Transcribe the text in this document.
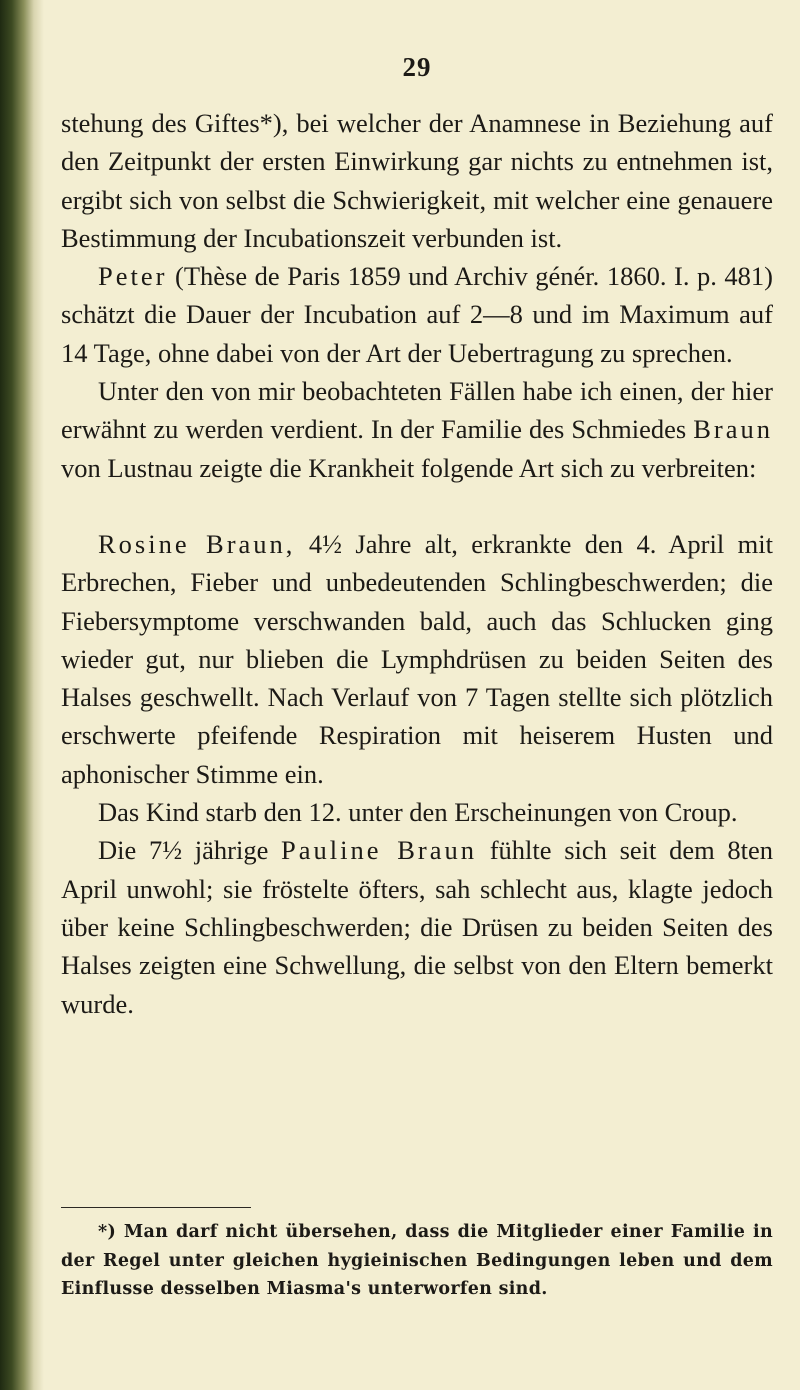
29

stehung des Giftes*), bei welcher der Anamnese in Beziehung auf den Zeitpunkt der ersten Einwirkung gar nichts zu entnehmen ist, ergibt sich von selbst die Schwierigkeit, mit welcher eine genauere Bestimmung der Incubationszeit verbunden ist.

Peter (Thèse de Paris 1859 und Archiv génér. 1860. I. p. 481) schätzt die Dauer der Incubation auf 2—8 und im Maximum auf 14 Tage, ohne dabei von der Art der Uebertragung zu sprechen.

Unter den von mir beobachteten Fällen habe ich einen, der hier erwähnt zu werden verdient. In der Familie des Schmiedes Braun von Lustnau zeigte die Krankheit folgende Art sich zu verbreiten:

Rosine Braun, 4½ Jahre alt, erkrankte den 4. April mit Erbrechen, Fieber und unbedeutenden Schlingbeschwerden; die Fiebersymptome verschwanden bald, auch das Schlucken ging wieder gut, nur blieben die Lymphdrüsen zu beiden Seiten des Halses geschwellt. Nach Verlauf von 7 Tagen stellte sich plötzlich erschwerte pfeifende Respiration mit heiserem Husten und aphonischer Stimme ein.

Das Kind starb den 12. unter den Erscheinungen von Croup.

Die 7½ jährige Pauline Braun fühlte sich seit dem 8ten April unwohl; sie fröstelte öfters, sah schlecht aus, klagte jedoch über keine Schlingbeschwerden; die Drüsen zu beiden Seiten des Halses zeigten eine Schwellung, die selbst von den Eltern bemerkt wurde.

*) Man darf nicht übersehen, dass die Mitglieder einer Familie in der Regel unter gleichen hygieinischen Bedingungen leben und dem Einflusse desselben Miasma's unterworfen sind.
